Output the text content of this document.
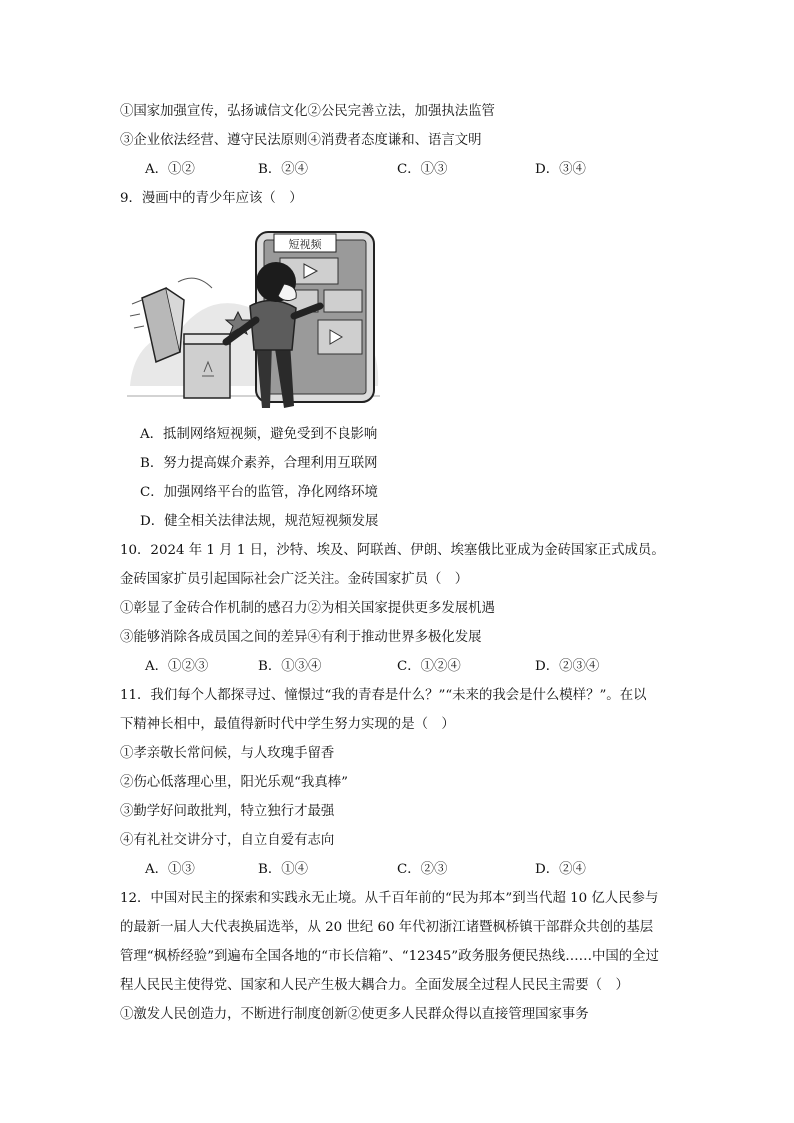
①国家加强宣传，弘扬诚信文化②公民完善立法，加强执法监管
③企业依法经营、遵守民法原则④消费者态度谦和、语言文明
A．①②	B．②④	C．①③	D．③④
9．漫画中的青少年应该（　）
短视频
A．抵制网络短视频，避免受到不良影响
B．努力提高媒介素养，合理利用互联网
C．加强网络平台的监管，净化网络环境
D．健全相关法律法规，规范短视频发展
10．2024 年 1 月 1 日，沙特、埃及、阿联酋、伊朗、埃塞俄比亚成为金砖国家正式成员。
金砖国家扩员引起国际社会广泛关注。金砖国家扩员（　）
①彰显了金砖合作机制的感召力②为相关国家提供更多发展机遇
③能够消除各成员国之间的差异④有利于推动世界多极化发展
A．①②③	B．①③④	C．①②④	D．②③④
11．我们每个人都探寻过、憧憬过“我的青春是什么？”“未来的我会是什么模样？”。在以
下精神长相中，最值得新时代中学生努力实现的是（　）
①孝亲敬长常问候，与人玫瑰手留香
②伤心低落理心里，阳光乐观“我真棒”
③勤学好问敢批判，特立独行才最强
④有礼社交讲分寸，自立自爱有志向
A．①③	B．①④	C．②③	D．②④
12．中国对民主的探索和实践永无止境。从千百年前的“民为邦本”到当代超 10 亿人民参与
的最新一届人大代表换届选举，从 20 世纪 60 年代初浙江诸暨枫桥镇干部群众共创的基层
管理“枫桥经验”到遍布全国各地的“市长信箱”、“12345”政务服务便民热线……中国的全过
程人民民主使得党、国家和人民产生极大耦合力。全面发展全过程人民民主需要（　）
①激发人民创造力，不断进行制度创新②使更多人民群众得以直接管理国家事务
